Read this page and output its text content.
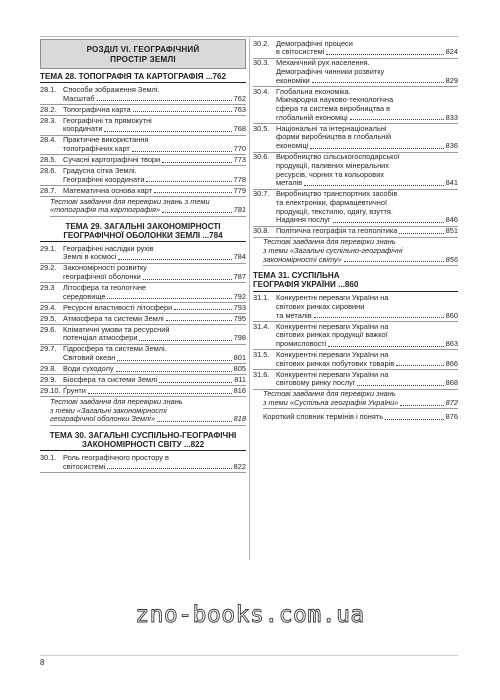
РОЗДІЛ VI. ГЕОГРАФІЧНИЙ
ПРОСТІР ЗЕМЛІ
ТЕМА 28. ТОПОГРАФІЯ ТА КАРТОГРАФІЯ ...762
28.1. Способи зображення Землі.
Масштаб	762
28.2. Топографічна карта	763
28.3. Географічні та прямокутні
координати	768
28.4. Практичне використання
топографічних карт	770
28.5. Сучасні картографічні твори	773
28.6. Градусна сітка Землі.
Географічні координати	778
28.7. Математична основа карт	779
Тестові завдання для перевірки знань з теми
«топографія та картографія»	781
ТЕМА 29. ЗАГАЛЬНІ ЗАКОНОМІРНОСТІ
ГЕОГРАФІЧНОЇ ОБОЛОНКИ ЗЕМЛІ ...784
29.1. Географічні наслідки рухів
Землі в космосі	784
29.2. Закономірності розвитку
географічної оболонки	787
29.3	Літосфера та геологічне
середовище	792
29.4. Ресурсні властивості літосфери	793
29.5. Атмосфера та системи Землі	795
29.6. Кліматичні умови та ресурсний
потенціал атмосфери	798
29.7. Гідросфера та системи Землі.
Світовий океан	801
29.8. Води суходолу	805
29.9. Біосфера та системи Землі	811
29.10. Ґрунти	816
Тестові завдання для перевірки знань
з теми «Загальні закономірності
географічної оболонки Землі»	818
ТЕМА 30. ЗАГАЛЬНІ СУСПІЛЬНО-ГЕОГРАФІЧНІ
ЗАКОНОМІРНОСТІ СВІТУ ...822
30.1. Роль географічного простору в
світосистемі	822
30.2. Демографічні процеси
в світосистемі	824
30.3. Механічний рух населення.
Демографічні чинники розвитку
економіки	829
30.4. Глобальна економіка.
Міжнародна науково-технологічна
сфера та система виробництва в
глобальній економіці	833
30.5. Національні та інтернаціональні
форми виробництва в глобальній
економіці	836
30.6. Виробництво сільськогосподарської
продукції, паливних мінеральних
ресурсів, чорних та кольорових
металів	841
30.7. Виробництво транспортних засобів
та електроніки, фармацевтичної
продукції, текстилю, одягу, взуття.
Надання послуг	846
30.8. Політична географія та геополітика	851
Тестові завдання для перевірки знань
з теми «Загальні суспільно-географічні
закономірності світу»	856
ТЕМА 31. СУСПІЛЬНА
ГЕОГРАФІЯ УКРАЇНИ ...860
31.1. Конкурентні переваги України на
світових ринках сировини
та металів	860
31.4. Конкурентні переваги України на
світових ринках продукції важкої
промисловості	863
31.5. Конкурентні переваги України на
світових ринках побутових товарів	866
31.6. Конкурентні переваги України на
світовому ринку послуг	868
Тестові завдання для перевірки знань
з теми «Суспільна географія України»	872
Короткий словник термінів і понять	876
zno-books.com.ua
8
